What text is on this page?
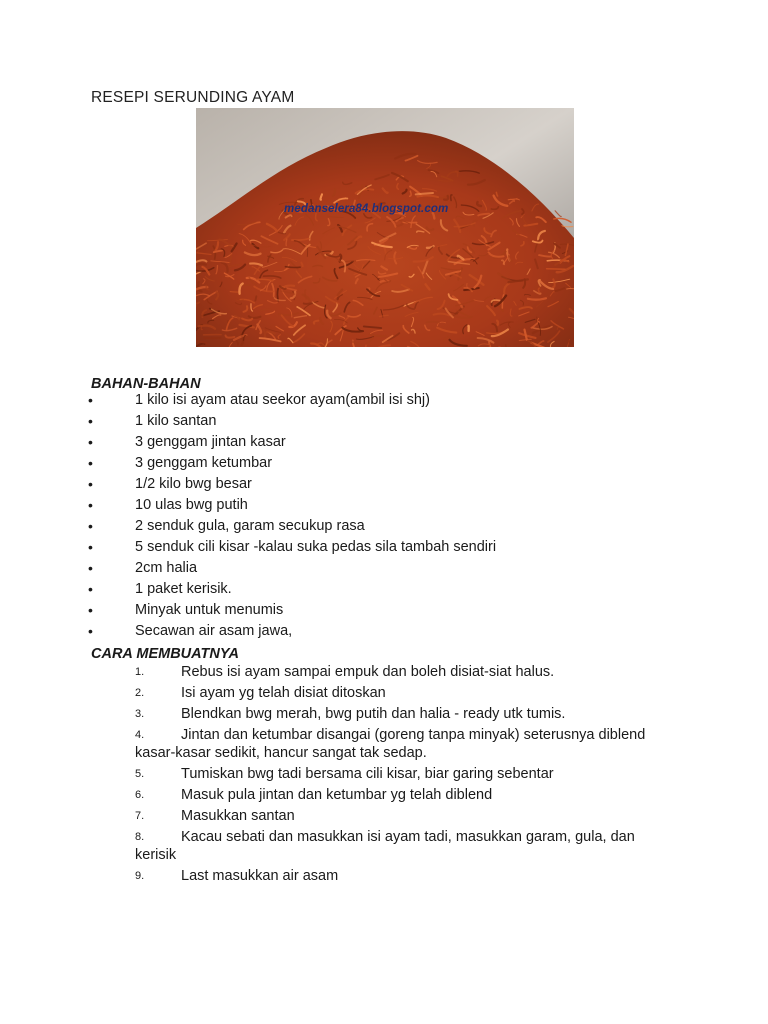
RESEPI SERUNDING AYAM
medanselera84.blogspot.com
BAHAN-BAHAN
•	1 kilo isi ayam atau seekor ayam(ambil isi shj)
•	1 kilo santan
•	3 genggam jintan kasar
•	3 genggam ketumbar
•	1/2 kilo bwg besar
•	10 ulas bwg putih
•	2 senduk gula, garam secukup rasa
•	5 senduk cili kisar -kalau suka pedas sila tambah sendiri
•	2cm halia
•	1 paket kerisik.
•	Minyak untuk menumis
•	Secawan air asam jawa,
CARA MEMBUATNYA
1.	Rebus isi ayam sampai empuk dan boleh disiat-siat halus.
2.	Isi ayam yg telah disiat ditoskan
3.	Blendkan bwg merah, bwg putih dan halia - ready utk tumis.
4.	Jintan dan ketumbar disangai (goreng tanpa minyak) seterusnya diblend
kasar-kasar sedikit, hancur sangat tak sedap.
5.	Tumiskan bwg tadi bersama cili kisar, biar garing sebentar
6.	Masuk pula jintan dan ketumbar yg telah diblend
7.	Masukkan santan
8.	Kacau sebati dan masukkan isi ayam tadi, masukkan garam, gula, dan
kerisik
9.	Last masukkan air asam
